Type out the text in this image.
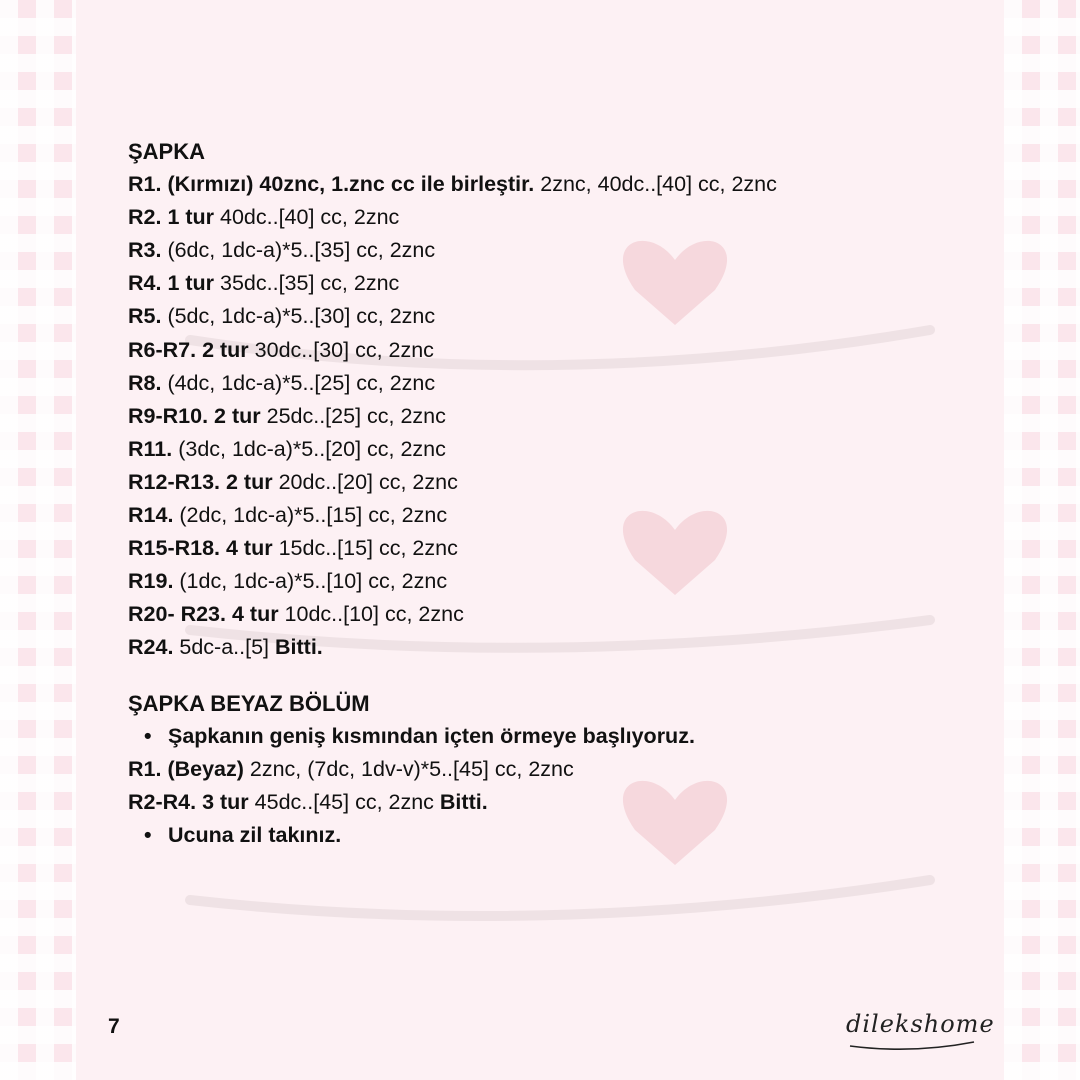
ŞAPKA
R1. (Kırmızı) 40znc, 1.znc cc ile birleştir. 2znc, 40dc..[40] cc, 2znc
R2. 1 tur 40dc..[40] cc, 2znc
R3. (6dc, 1dc-a)*5..[35] cc, 2znc
R4. 1 tur 35dc..[35] cc, 2znc
R5. (5dc, 1dc-a)*5..[30] cc, 2znc
R6-R7. 2 tur 30dc..[30] cc, 2znc
R8. (4dc, 1dc-a)*5..[25] cc, 2znc
R9-R10. 2 tur 25dc..[25] cc, 2znc
R11. (3dc, 1dc-a)*5..[20] cc, 2znc
R12-R13. 2 tur 20dc..[20] cc, 2znc
R14. (2dc, 1dc-a)*5..[15] cc, 2znc
R15-R18. 4 tur 15dc..[15] cc, 2znc
R19. (1dc, 1dc-a)*5..[10] cc, 2znc
R20- R23. 4 tur 10dc..[10] cc, 2znc
R24. 5dc-a..[5] Bitti.
ŞAPKA BEYAZ BÖLÜM
• Şapkanın geniş kısmından içten örmeye başlıyoruz.
R1. (Beyaz) 2znc, (7dc, 1dv-v)*5..[45] cc, 2znc
R2-R4. 3 tur 45dc..[45] cc, 2znc Bitti.
• Ucuna zil takınız.
7	dilekshome
